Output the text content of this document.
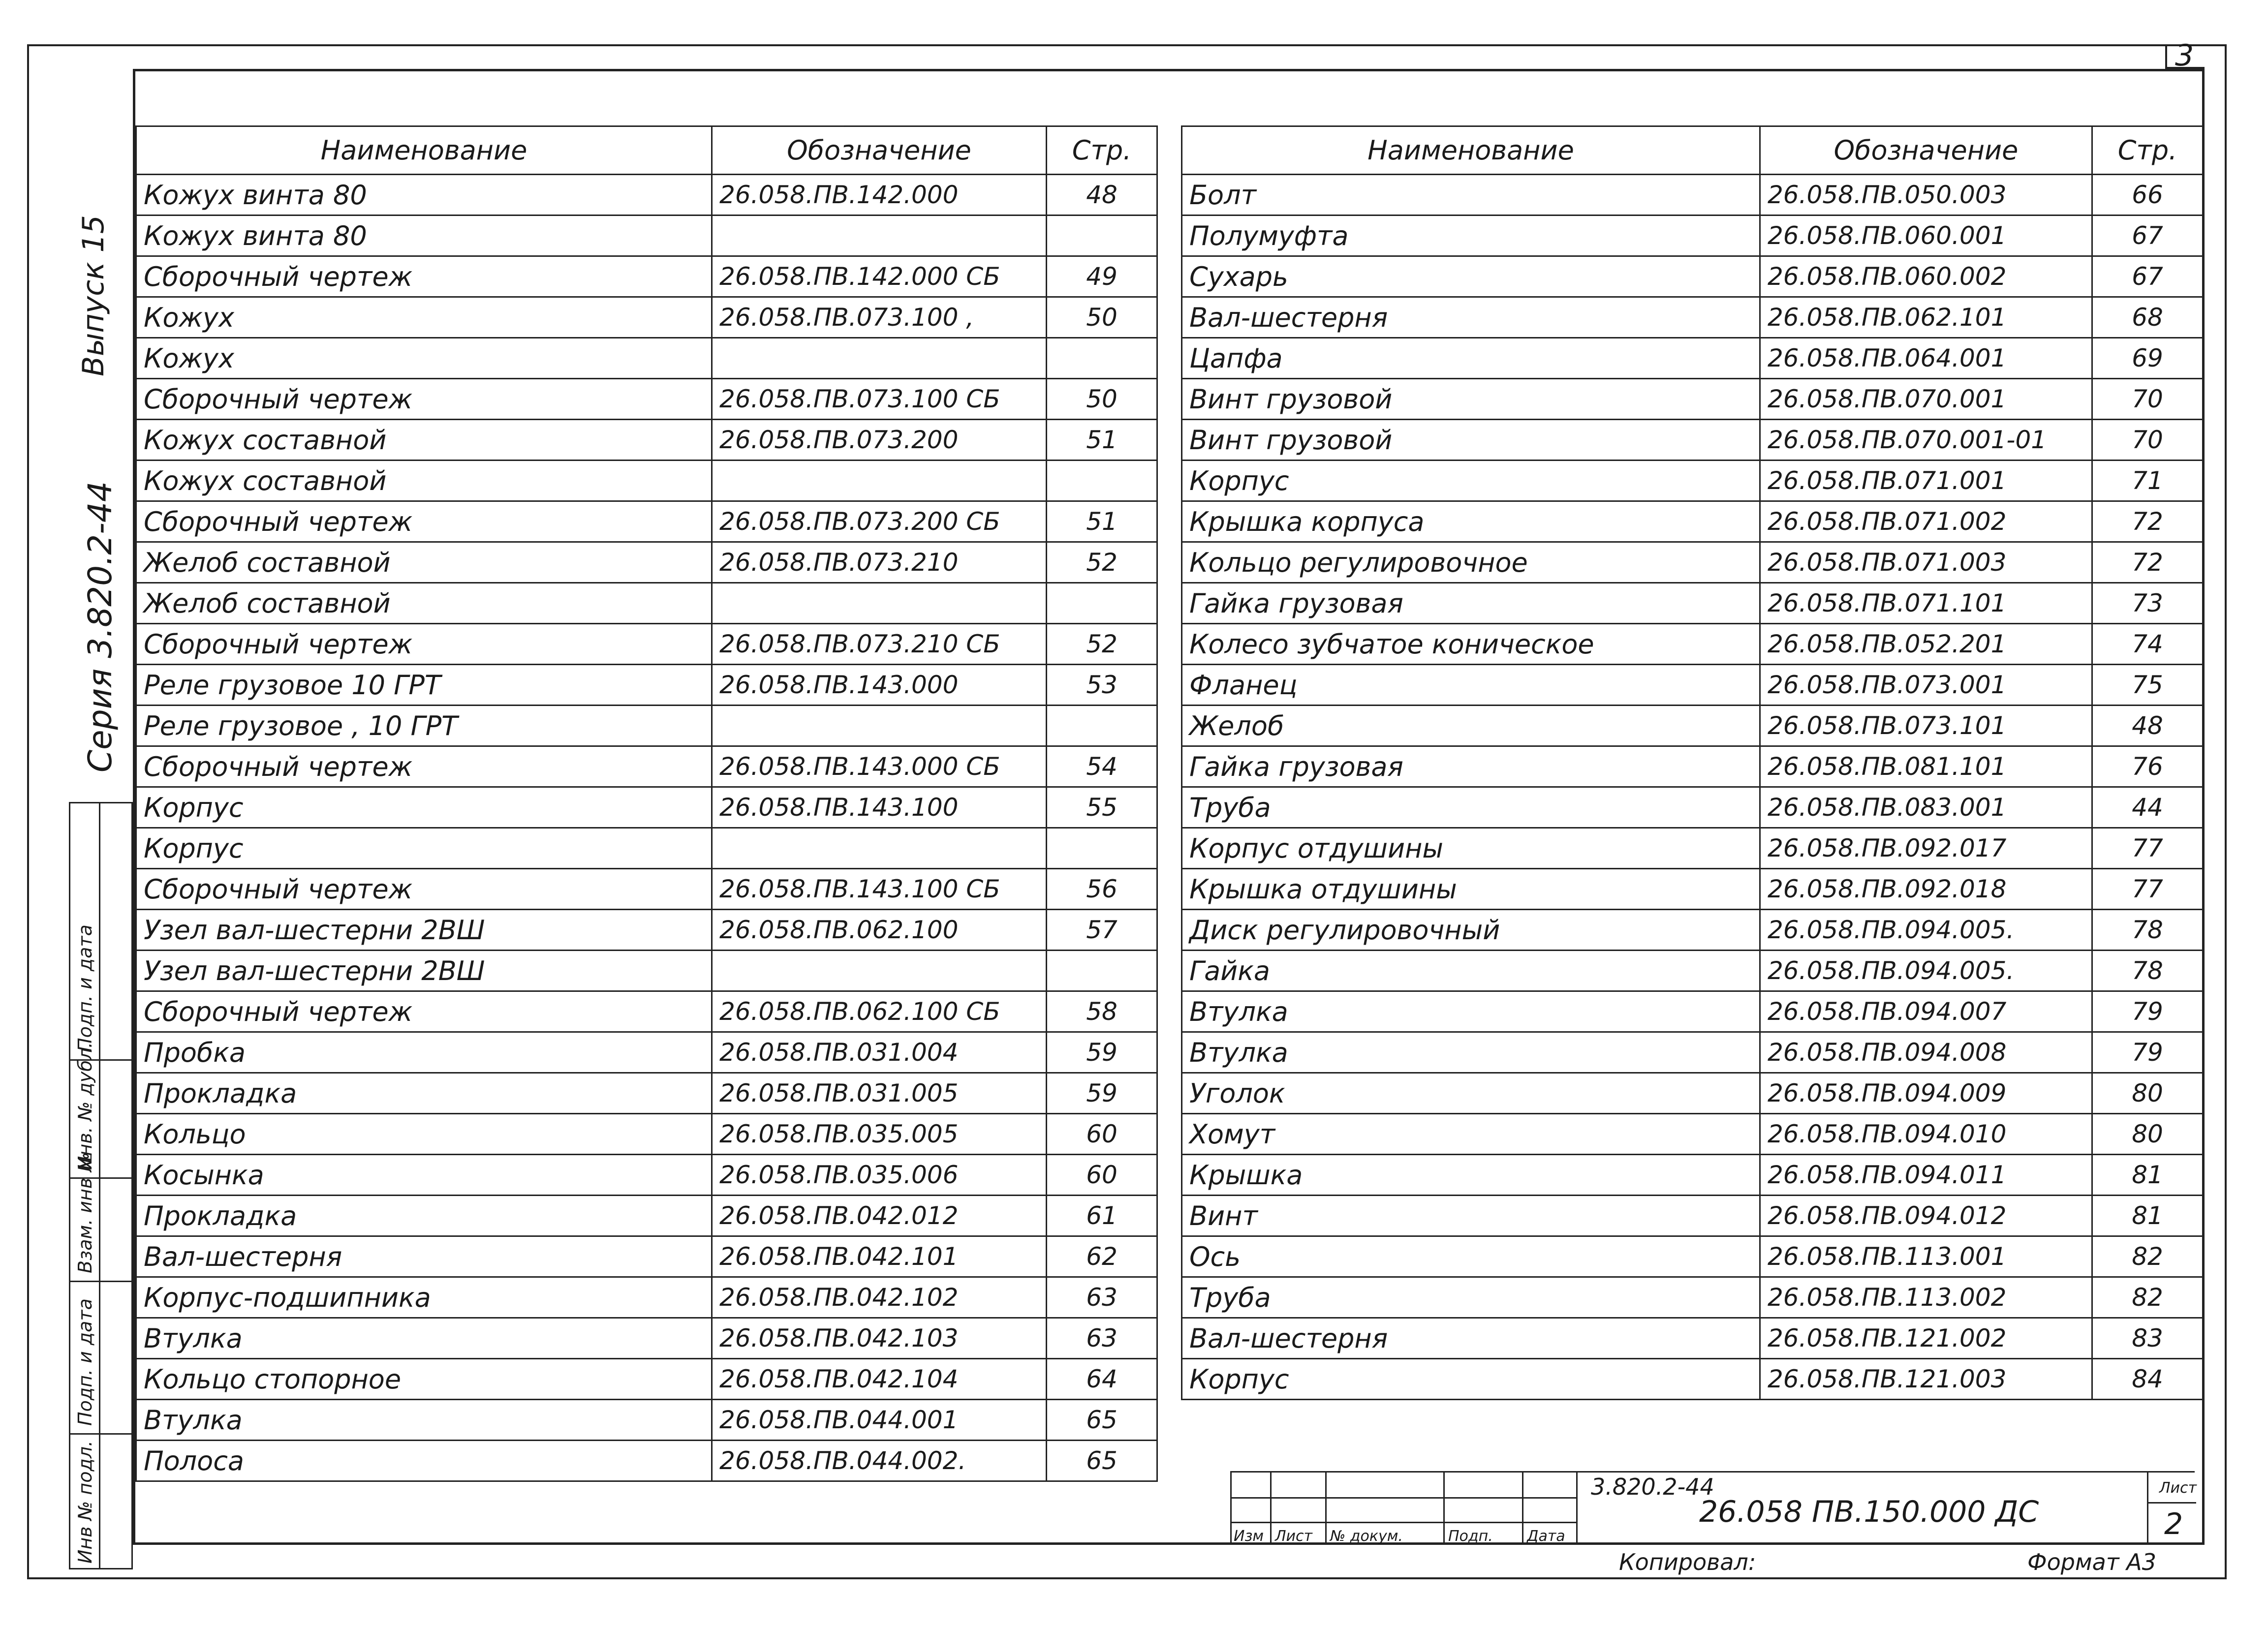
3
Серия 3.820.2-44
Выпуск 15
Инв № подл.
Подп. и дата
Взам. инв №
Инв. № дубл.
Подп. и дата
Наименование	Обозначение	Стр.
Кожух винта 80	26.058.ПВ.142.000	48
Кожух винта 80		
Сборочный чертеж	26.058.ПВ.142.000 СБ	49
Кожух	26.058.ПВ.073.100 ,	50
Кожух		
Сборочный чертеж	26.058.ПВ.073.100 СБ	50
Кожух составной	26.058.ПВ.073.200	51
Кожух составной		
Сборочный чертеж	26.058.ПВ.073.200 СБ	51
Желоб составной	26.058.ПВ.073.210	52
Желоб составной		
Сборочный чертеж	26.058.ПВ.073.210 СБ	52
Реле грузовое 10 ГРТ	26.058.ПВ.143.000	53
Реле грузовое , 10 ГРТ		
Сборочный чертеж	26.058.ПВ.143.000 СБ	54
Корпус	26.058.ПВ.143.100	55
Корпус		
Сборочный чертеж	26.058.ПВ.143.100 СБ	56
Узел вал-шестерни 2ВШ	26.058.ПВ.062.100	57
Узел вал-шестерни 2ВШ		
Сборочный чертеж	26.058.ПВ.062.100 СБ	58
Пробка	26.058.ПВ.031.004	59
Прокладка	26.058.ПВ.031.005	59
Кольцо	26.058.ПВ.035.005	60
Косынка	26.058.ПВ.035.006	60
Прокладка	26.058.ПВ.042.012	61
Вал-шестерня	26.058.ПВ.042.101	62
Корпус-подшипника	26.058.ПВ.042.102	63
Втулка	26.058.ПВ.042.103	63
Кольцо стопорное	26.058.ПВ.042.104	64
Втулка	26.058.ПВ.044.001	65
Полоса	26.058.ПВ.044.002.	65
Наименование	Обозначение	Стр.
Болт	26.058.ПВ.050.003	66
Полумуфта	26.058.ПВ.060.001	67
Сухарь	26.058.ПВ.060.002	67
Вал-шестерня	26.058.ПВ.062.101	68
Цапфа	26.058.ПВ.064.001	69
Винт грузовой	26.058.ПВ.070.001	70
Винт грузовой	26.058.ПВ.070.001-01	70
Корпус	26.058.ПВ.071.001	71
Крышка корпуса	26.058.ПВ.071.002	72
Кольцо регулировочное	26.058.ПВ.071.003	72
Гайка грузовая	26.058.ПВ.071.101	73
Колесо зубчатое коническое	26.058.ПВ.052.201	74
Фланец	26.058.ПВ.073.001	75
Желоб	26.058.ПВ.073.101	48
Гайка грузовая	26.058.ПВ.081.101	76
Труба	26.058.ПВ.083.001	44
Корпус отдушины	26.058.ПВ.092.017	77
Крышка отдушины	26.058.ПВ.092.018	77
Диск регулировочный	26.058.ПВ.094.005.	78
Гайка	26.058.ПВ.094.005.	78
Втулка	26.058.ПВ.094.007	79
Втулка	26.058.ПВ.094.008	79
Уголок	26.058.ПВ.094.009	80
Хомут	26.058.ПВ.094.010	80
Крышка	26.058.ПВ.094.011	81
Винт	26.058.ПВ.094.012	81
Ось	26.058.ПВ.113.001	82
Труба	26.058.ПВ.113.002	82
Вал-шестерня	26.058.ПВ.121.002	83
Корпус	26.058.ПВ.121.003	84
Изм Лист № докум.	Подп. Дата
3.820.2-44
26.058 ПВ.150.000 ДС
Лист
2
Копировал:	Формат А3
